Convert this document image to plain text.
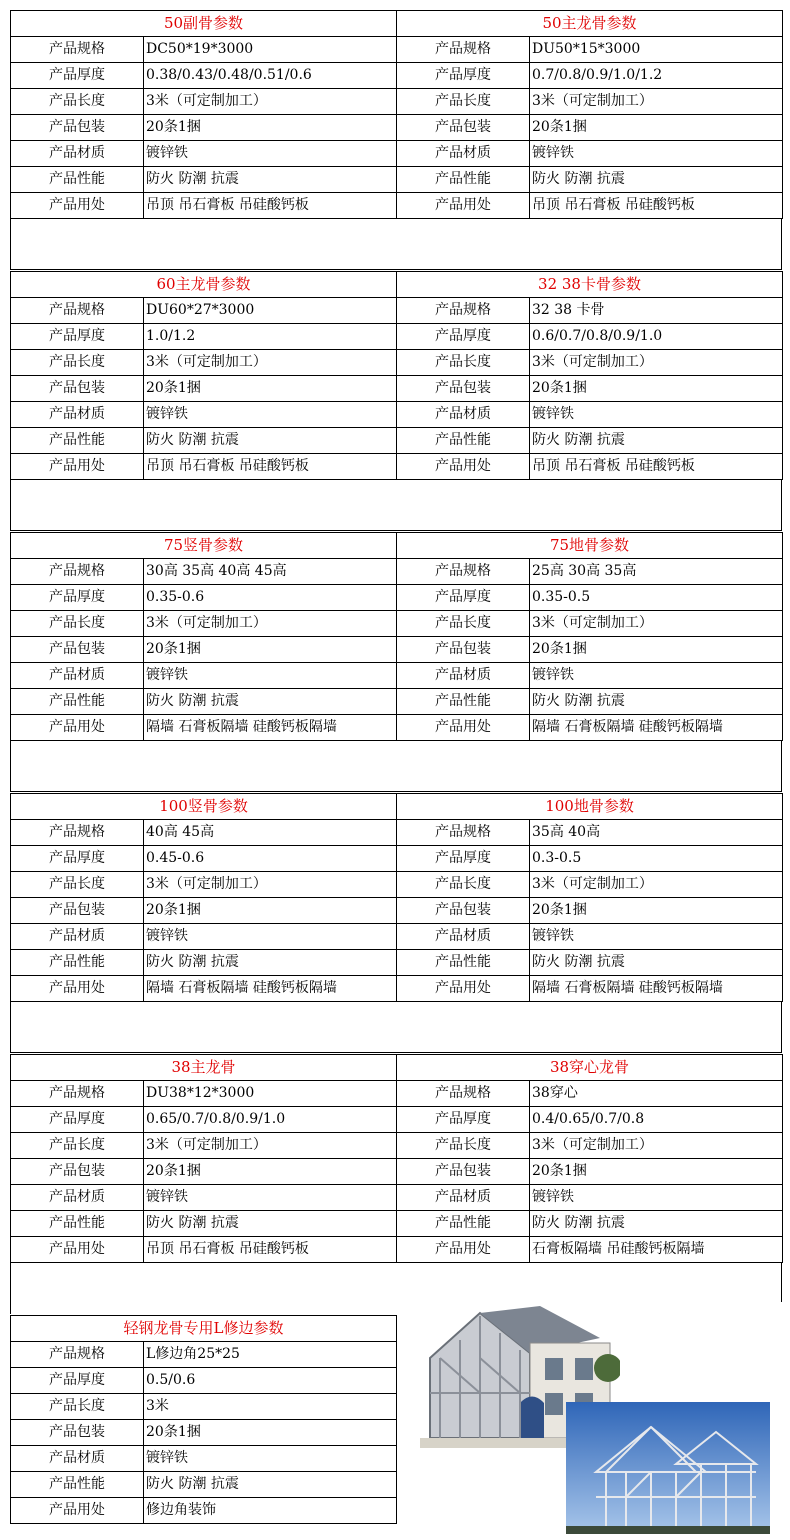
50副骨参数	
产品规格	DC50*19*3000
产品厚度	0.38/0.43/0.48/0.51/0.6
产品长度	3米（可定制加工）
产品包装	20条1捆
产品材质	镀锌铁
产品性能	防火 防潮 抗震
产品用处	吊顶 吊石膏板 吊硅酸钙板
50主龙骨参数	
产品规格	DU50*15*3000
产品厚度	0.7/0.8/0.9/1.0/1.2
产品长度	3米（可定制加工）
产品包装	20条1捆
产品材质	镀锌铁
产品性能	防火 防潮 抗震
产品用处	吊顶 吊石膏板 吊硅酸钙板
60主龙骨参数	
产品规格	DU60*27*3000
产品厚度	1.0/1.2
产品长度	3米（可定制加工）
产品包装	20条1捆
产品材质	镀锌铁
产品性能	防火 防潮 抗震
产品用处	吊顶 吊石膏板 吊硅酸钙板
32 38卡骨参数	
产品规格	32 38 卡骨
产品厚度	0.6/0.7/0.8/0.9/1.0
产品长度	3米（可定制加工）
产品包装	20条1捆
产品材质	镀锌铁
产品性能	防火 防潮 抗震
产品用处	吊顶 吊石膏板 吊硅酸钙板
75竖骨参数	
产品规格	30高 35高 40高 45高
产品厚度	0.35-0.6
产品长度	3米（可定制加工）
产品包装	20条1捆
产品材质	镀锌铁
产品性能	防火 防潮 抗震
产品用处	隔墙 石膏板隔墙 硅酸钙板隔墙
75地骨参数	
产品规格	25高 30高 35高
产品厚度	0.35-0.5
产品长度	3米（可定制加工）
产品包装	20条1捆
产品材质	镀锌铁
产品性能	防火 防潮 抗震
产品用处	隔墙 石膏板隔墙 硅酸钙板隔墙
100竖骨参数	
产品规格	40高 45高
产品厚度	0.45-0.6
产品长度	3米（可定制加工）
产品包装	20条1捆
产品材质	镀锌铁
产品性能	防火 防潮 抗震
产品用处	隔墙 石膏板隔墙 硅酸钙板隔墙
100地骨参数	
产品规格	35高 40高
产品厚度	0.3-0.5
产品长度	3米（可定制加工）
产品包装	20条1捆
产品材质	镀锌铁
产品性能	防火 防潮 抗震
产品用处	隔墙 石膏板隔墙 硅酸钙板隔墙
38主龙骨	
产品规格	DU38*12*3000
产品厚度	0.65/0.7/0.8/0.9/1.0
产品长度	3米（可定制加工）
产品包装	20条1捆
产品材质	镀锌铁
产品性能	防火 防潮 抗震
产品用处	吊顶 吊石膏板 吊硅酸钙板
38穿心龙骨	
产品规格	38穿心
产品厚度	0.4/0.65/0.7/0.8
产品长度	3米（可定制加工）
产品包装	20条1捆
产品材质	镀锌铁
产品性能	防火 防潮 抗震
产品用处	石膏板隔墙 吊硅酸钙板隔墙
轻钢龙骨专用L修边参数	
产品规格	L修边角25*25
产品厚度	0.5/0.6
产品长度	3米
产品包装	20条1捆
产品材质	镀锌铁
产品性能	防火 防潮 抗震
产品用处	修边角装饰
